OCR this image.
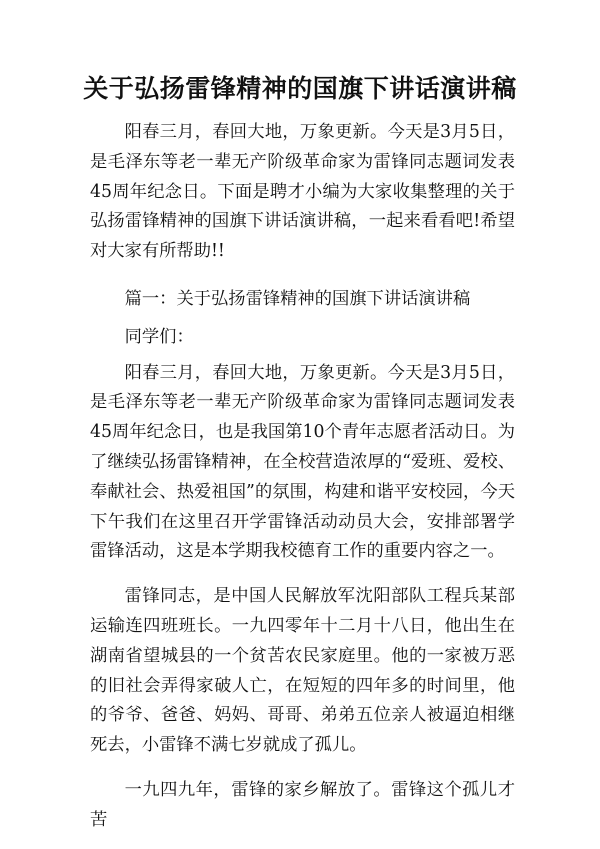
关于弘扬雷锋精神的国旗下讲话演讲稿

阳春三月，春回大地，万象更新。今天是3月5日，是毛泽东等老一辈无产阶级革命家为雷锋同志题词发表45周年纪念日。下面是聘才小编为大家收集整理的关于弘扬雷锋精神的国旗下讲话演讲稿，一起来看看吧!希望对大家有所帮助!!

篇一：关于弘扬雷锋精神的国旗下讲话演讲稿

同学们：

阳春三月，春回大地，万象更新。今天是3月5日，是毛泽东等老一辈无产阶级革命家为雷锋同志题词发表45周年纪念日，也是我国第10个青年志愿者活动日。为了继续弘扬雷锋精神，在全校营造浓厚的“爱班、爱校、奉献社会、热爱祖国”的氛围，构建和谐平安校园，今天下午我们在这里召开学雷锋活动动员大会，安排部署学雷锋活动，这是本学期我校德育工作的重要内容之一。

雷锋同志，是中国人民解放军沈阳部队工程兵某部运输连四班班长。一九四零年十二月十八日，他出生在湖南省望城县的一个贫苦农民家庭里。他的一家被万恶的旧社会弄得家破人亡，在短短的四年多的时间里，他的爷爷、爸爸、妈妈、哥哥、弟弟五位亲人被逼迫相继死去，小雷锋不满七岁就成了孤儿。

一九四九年，雷锋的家乡解放了。雷锋这个孤儿才苦
